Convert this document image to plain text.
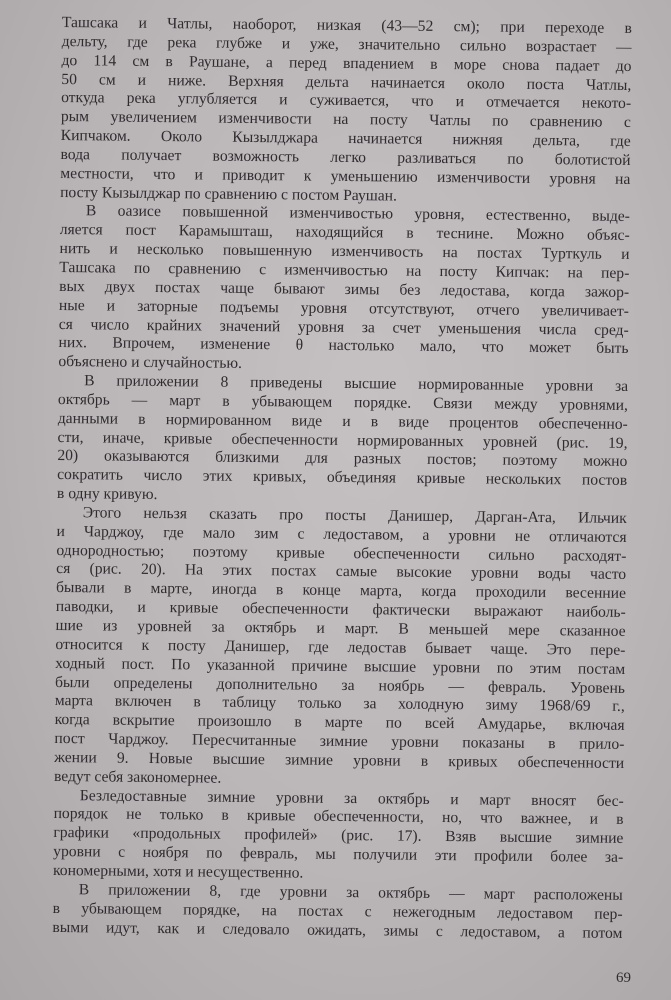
Ташсака и Чатлы, наоборот, низкая (43—52 см); при переходе в
дельту, где река глубже и уже, значительно сильно возрастает —
до 114 см в Раушане, а перед впадением в море снова падает до
50 см и ниже. Верхняя дельта начинается около поста Чатлы,
откуда река углубляется и суживается, что и отмечается некото-
рым увеличением изменчивости на посту Чатлы по сравнению с
Кипчаком. Около Кызылджара начинается нижняя дельта, где
вода получает возможность легко разливаться по болотистой
местности, что и приводит к уменьшению изменчивости уровня на
посту Кызылджар по сравнению с постом Раушан.
В оазисе повышенной изменчивостью уровня, естественно, выде-
ляется пост Карамышташ, находящийся в теснине. Можно объяс-
нить и несколько повышенную изменчивость на постах Турткуль и
Ташсака по сравнению с изменчивостью на посту Кипчак: на пер-
вых двух постах чаще бывают зимы без ледостава, когда зажор-
ные и заторные подъемы уровня отсутствуют, отчего увеличивает-
ся число крайних значений уровня за счет уменьшения числа сред-
них. Впрочем, изменение θ настолько мало, что может быть
объяснено и случайностью.
В приложении 8 приведены высшие нормированные уровни за
октябрь — март в убывающем порядке. Связи между уровнями,
данными в нормированном виде и в виде процентов обеспеченно-
сти, иначе, кривые обеспеченности нормированных уровней (рис. 19,
20) оказываются близкими для разных постов; поэтому можно
сократить число этих кривых, объединяя кривые нескольких постов
в одну кривую.
Этого нельзя сказать про посты Данишер, Дарган-Ата, Ильчик
и Чарджоу, где мало зим с ледоставом, а уровни не отличаются
однородностью; поэтому кривые обеспеченности сильно расходят-
ся (рис. 20). На этих постах самые высокие уровни воды часто
бывали в марте, иногда в конце марта, когда проходили весенние
паводки, и кривые обеспеченности фактически выражают наиболь-
шие из уровней за октябрь и март. В меньшей мере сказанное
относится к посту Данишер, где ледостав бывает чаще. Это пере-
ходный пост. По указанной причине высшие уровни по этим постам
были определены дополнительно за ноябрь — февраль. Уровень
марта включен в таблицу только за холодную зиму 1968/69 г.,
когда вскрытие произошло в марте по всей Амударье, включая
пост Чарджоу. Пересчитанные зимние уровни показаны в прило-
жении 9. Новые высшие зимние уровни в кривых обеспеченности
ведут себя закономернее.
Безледоставные зимние уровни за октябрь и март вносят бес-
порядок не только в кривые обеспеченности, но, что важнее, и в
графики «продольных профилей» (рис. 17). Взяв высшие зимние
уровни с ноября по февраль, мы получили эти профили более за-
кономерными, хотя и несущественно.
В приложении 8, где уровни за октябрь — март расположены
в убывающем порядке, на постах с нежегодным ледоставом пер-
выми идут, как и следовало ожидать, зимы с ледоставом, а потом
69
